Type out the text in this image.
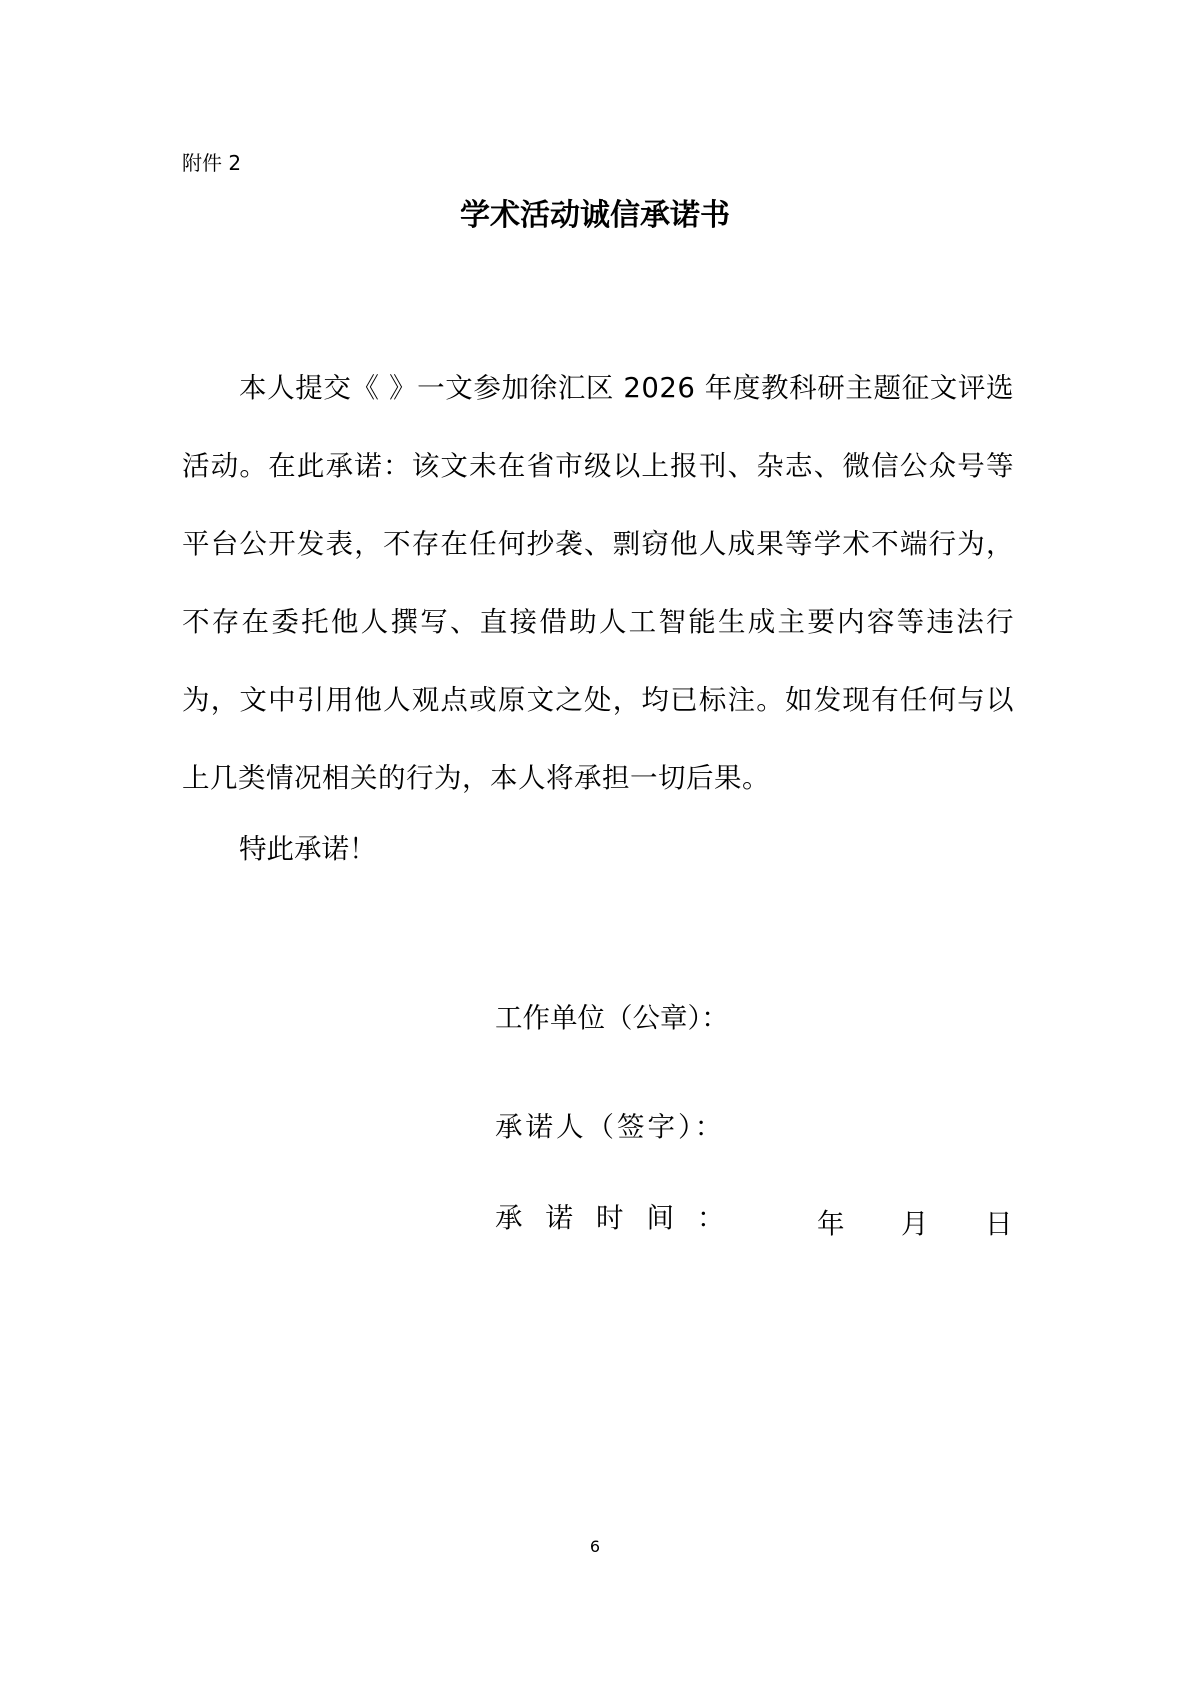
附件 2
学术活动诚信承诺书

本人提交《 》一文参加徐汇区 2026 年度教科研主题征文评选活动。在此承诺：该文未在省市级以上报刊、杂志、微信公众号等平台公开发表，不存在任何抄袭、剽窃他人成果等学术不端行为，不存在委托他人撰写、直接借助人工智能生成主要内容等违法行为，文中引用他人观点或原文之处，均已标注。如发现有任何与以上几类情况相关的行为，本人将承担一切后果。

特此承诺！
工作单位（公章）：
承诺人（签字）：
承诺时间：	年 月 日
6
